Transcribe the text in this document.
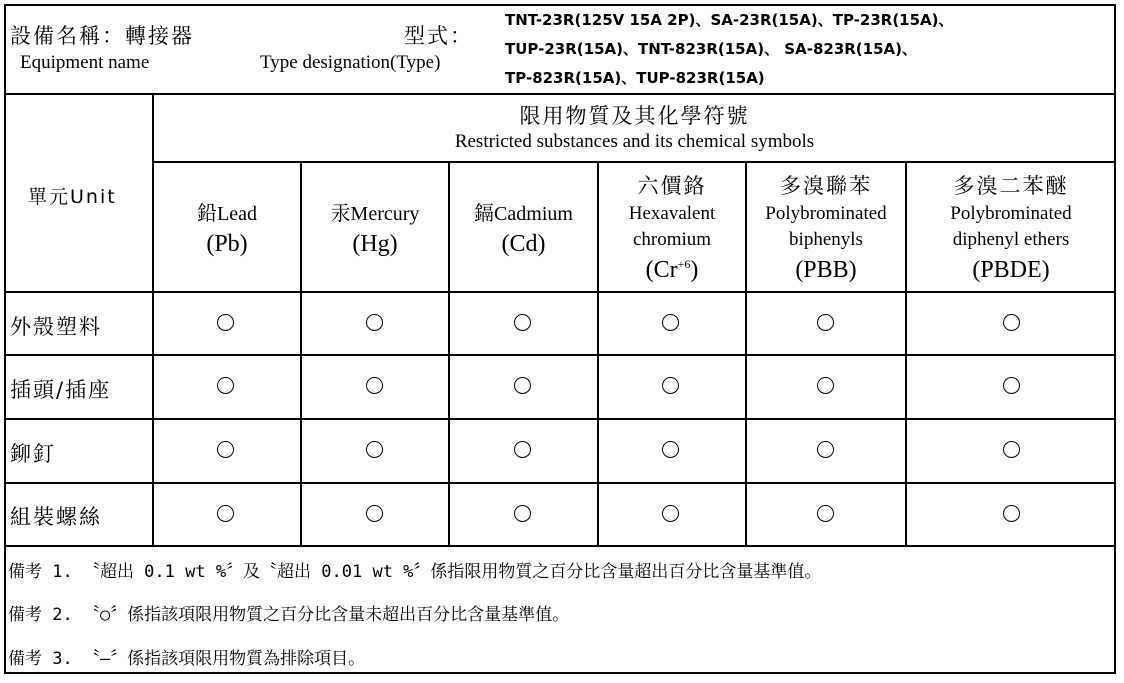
設備名稱：轉接器
Equipment name
型式：
Type designation(Type)
TNT-23R(125V 15A 2P)、SA-23R(15A)、TP-23R(15A)、
TUP-23R(15A)、TNT-823R(15A)、 SA-823R(15A)、
TP-823R(15A)、TUP-823R(15A)
單元Unit
限用物質及其化學符號
Restricted substances and its chemical symbols
鉛Lead
(Pb)
汞Mercury
(Hg)
鎘Cadmium
(Cd)
六價鉻
Hexavalent
chromium
$(Cr^{+6})$
多溴聯苯
Polybrominated
biphenyls
(PBB)
多溴二苯醚
Polybrominated
diphenyl ethers
(PBDE)
外殼塑料
插頭/插座
鉚釘
組裝螺絲
備考 1. 〝超出 0.1 wt %〞及〝超出 0.01 wt %〞係指限用物質之百分比含量超出百分比含量基準值。
備考 2. 〝○〞係指該項限用物質之百分比含量未超出百分比含量基準值。
備考 3. 〝—〞係指該項限用物質為排除項目。
